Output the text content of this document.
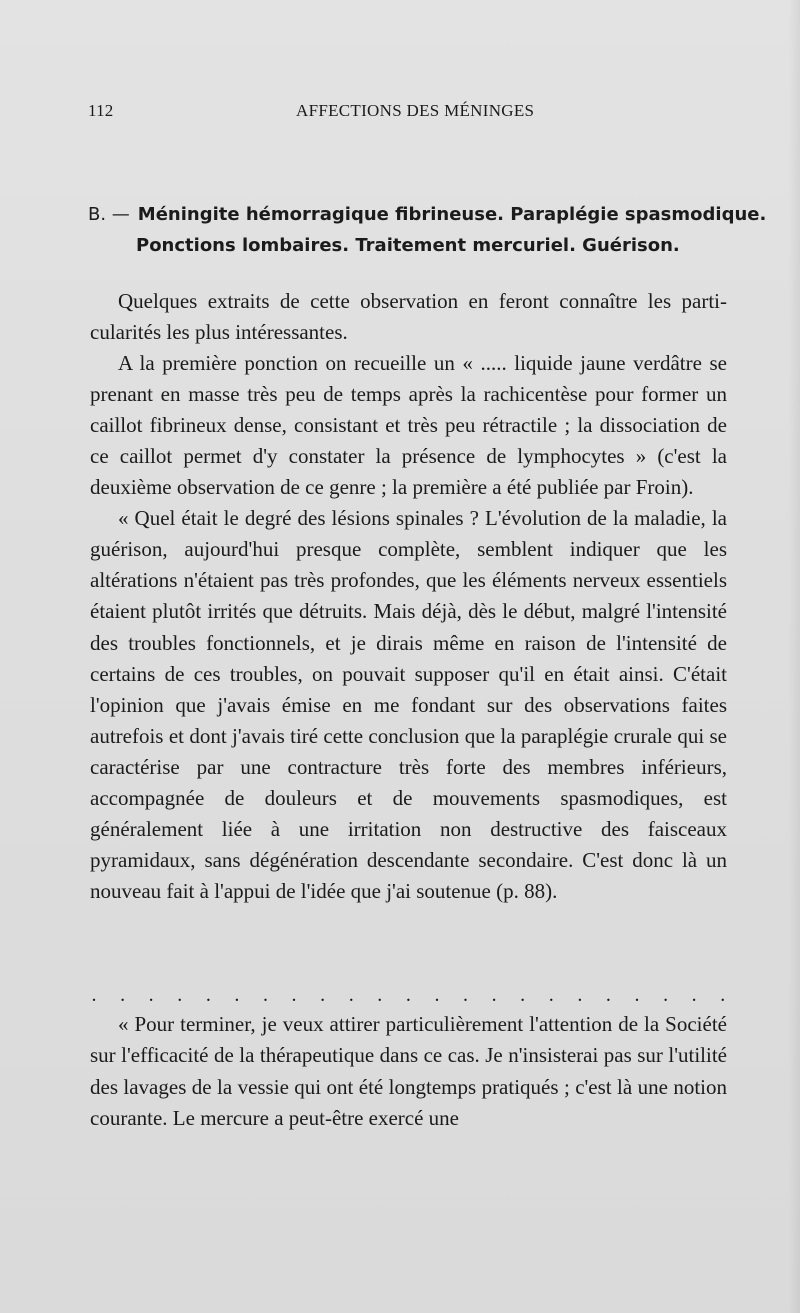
112	AFFECTIONS DES MÉNINGES
B. — Méningite hémorragique fibrineuse. Paraplégie spasmodique.
Ponctions lombaires. Traitement mercuriel. Guérison.

Quelques extraits de cette observation en feront connaître les particularités les plus intéressantes.

A la première ponction on recueille un « ..... liquide jaune verdâtre se prenant en masse très peu de temps après la rachicentèse pour former un caillot fibrineux dense, consistant et très peu rétractile ; la dissociation de ce caillot permet d'y constater la présence de lymphocytes » (c'est la deuxième observation de ce genre ; la première a été publiée par Froin).

« Quel était le degré des lésions spinales ? L'évolution de la maladie, la guérison, aujourd'hui presque complète, semblent indiquer que les altérations n'étaient pas très profondes, que les éléments nerveux essentiels étaient plutôt irrités que détruits. Mais déjà, dès le début, malgré l'intensité des troubles fonctionnels, et je dirais même en raison de l'intensité de certains de ces troubles, on pouvait supposer qu'il en était ainsi. C'était l'opinion que j'avais émise en me fondant sur des observations faites autrefois et dont j'avais tiré cette conclusion que la paraplégie crurale qui se caractérise par une contracture très forte des membres inférieurs, accompagnée de douleurs et de mouvements spasmodiques, est généralement liée à une irritation non destructive des faisceaux pyramidaux, sans dégénération descendante secondaire. C'est donc là un nouveau fait à l'appui de l'idée que j'ai soutenue (p. 88).

. . . . . . . . . . . . . . . . . . . . . . .

« Pour terminer, je veux attirer particulièrement l'attention de la Société sur l'efficacité de la thérapeutique dans ce cas. Je n'insisterai pas sur l'utilité des lavages de la vessie qui ont été longtemps pratiqués ; c'est là une notion courante. Le mercure a peut-être exercé une
